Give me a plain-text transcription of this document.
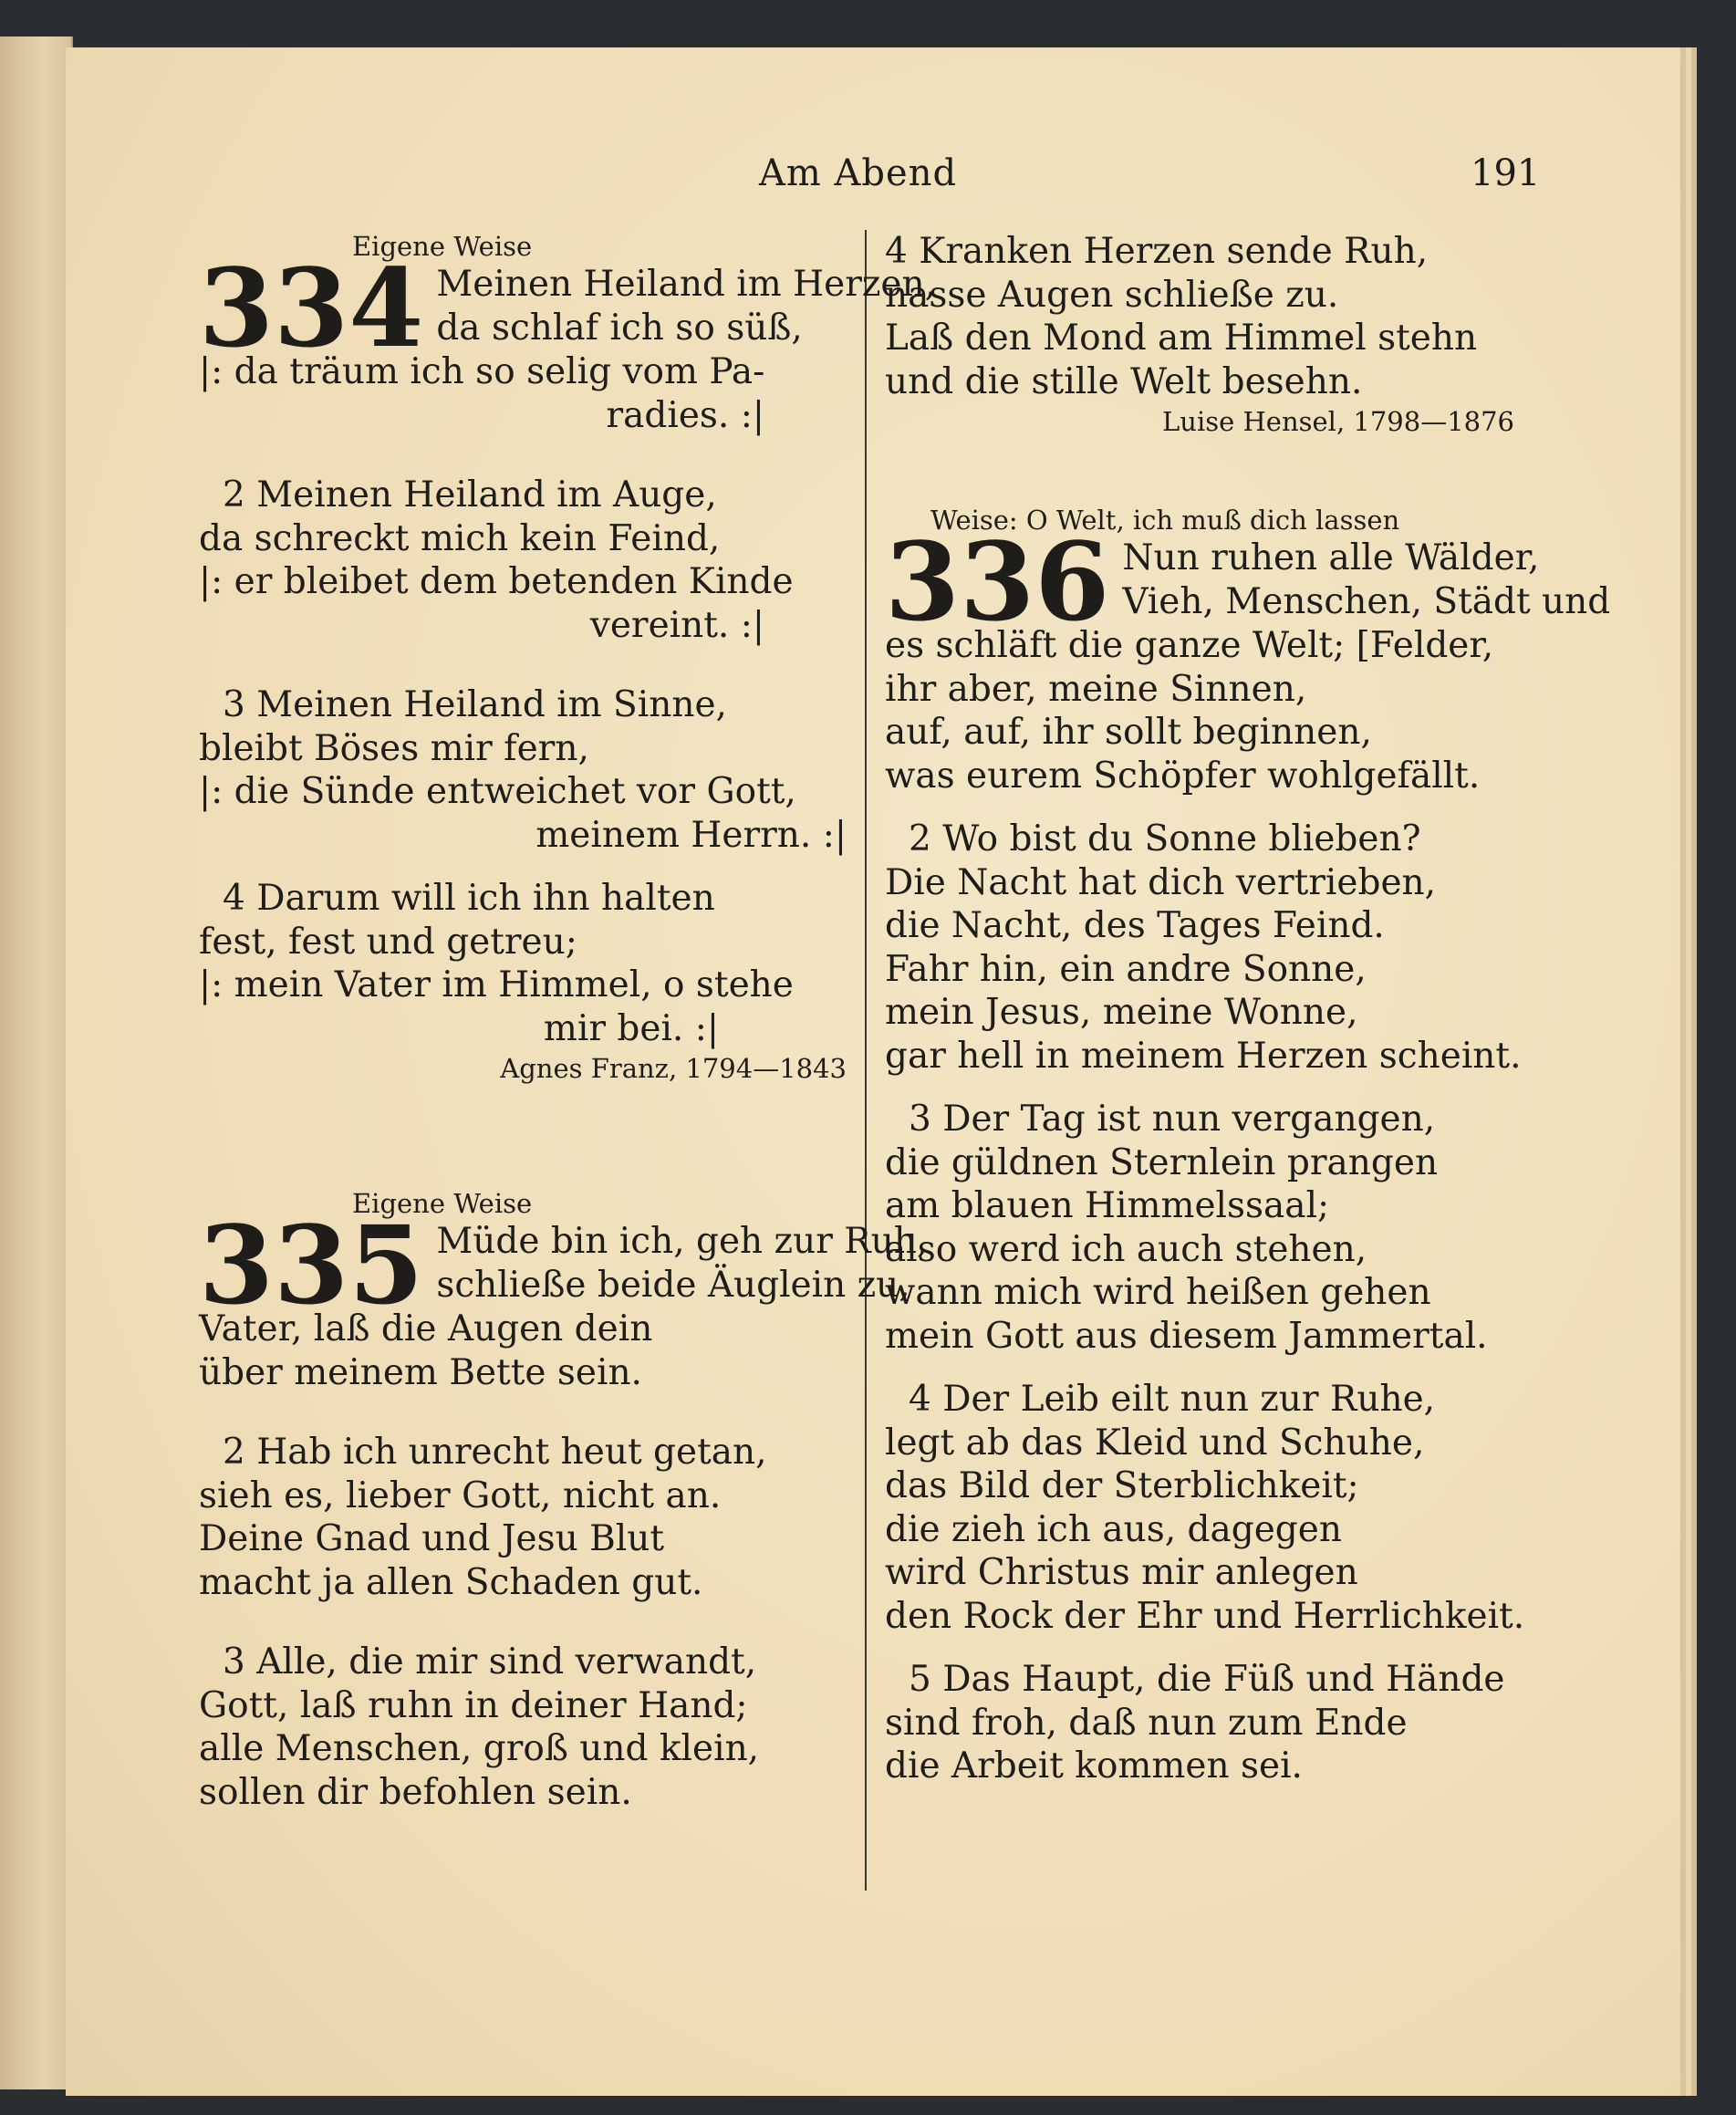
Am Abend	191
Eigene Weise
334 Meinen Heiland im Herzen,
da schlaf ich so süß,
|: da träum ich so selig vom Pa-
radies. :|

2 Meinen Heiland im Auge,
da schreckt mich kein Feind,
|: er bleibet dem betenden Kinde
vereint. :|

3 Meinen Heiland im Sinne,
bleibt Böses mir fern,
|: die Sünde entweichet vor Gott,
meinem Herrn. :|

4 Darum will ich ihn halten
fest, fest und getreu;
|: mein Vater im Himmel, o stehe
mir bei. :|

Agnes Franz, 1794—1843
Eigene Weise
335 Müde bin ich, geh zur Ruh,
schließe beide Äuglein zu,
Vater, laß die Augen dein
über meinem Bette sein.

2 Hab ich unrecht heut getan,
sieh es, lieber Gott, nicht an.
Deine Gnad und Jesu Blut
macht ja allen Schaden gut.

3 Alle, die mir sind verwandt,
Gott, laß ruhn in deiner Hand;
alle Menschen, groß und klein,
sollen dir befohlen sein.

4 Kranken Herzen sende Ruh,
nasse Augen schließe zu.
Laß den Mond am Himmel stehn
und die stille Welt besehn.

Luise Hensel, 1798—1876
Weise: O Welt, ich muß dich lassen
336 Nun ruhen alle Wälder,
Vieh, Menschen, Städt und
es schläft die ganze Welt; [Felder,
ihr aber, meine Sinnen,
auf, auf, ihr sollt beginnen,
was eurem Schöpfer wohlgefällt.

2 Wo bist du Sonne blieben?
Die Nacht hat dich vertrieben,
die Nacht, des Tages Feind.
Fahr hin, ein andre Sonne,
mein Jesus, meine Wonne,
gar hell in meinem Herzen scheint.

3 Der Tag ist nun vergangen,
die güldnen Sternlein prangen
am blauen Himmelssaal;
also werd ich auch stehen,
wann mich wird heißen gehen
mein Gott aus diesem Jammertal.

4 Der Leib eilt nun zur Ruhe,
legt ab das Kleid und Schuhe,
das Bild der Sterblichkeit;
die zieh ich aus, dagegen
wird Christus mir anlegen
den Rock der Ehr und Herrlichkeit.

5 Das Haupt, die Füß und Hände
sind froh, daß nun zum Ende
die Arbeit kommen sei.
